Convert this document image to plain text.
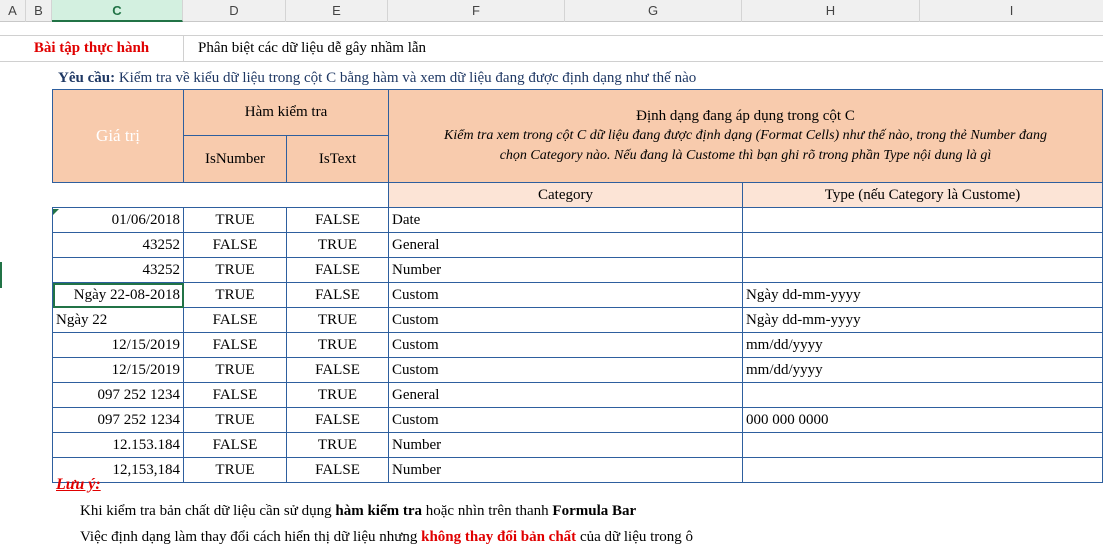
A	B	C	D	E	F	G	H	I
Bài tập thực hành	Phân biệt các dữ liệu dễ gây nhầm lẫn
Yêu cầu: Kiểm tra về kiểu dữ liệu trong cột C bằng hàm và xem dữ liệu đang được định dạng như thế nào
Giá trị	Hàm kiểm tra		Định dạng đang áp dụng trong cột C
Kiểm tra xem trong cột C dữ liệu đang được định dạng (Format Cells) như thế nào, trong thẻ Number đang
chọn Category nào. Nếu đang là Custome thì bạn ghi rõ trong phần Type nội dung là gì	

	IsNumber	IsText		
			Category	Type (nếu Category là Custome)
01/06/2018	TRUE	FALSE	Date	
43252	FALSE	TRUE	General	
43252	TRUE	FALSE	Number	
Ngày 22-08-2018	TRUE	FALSE	Custom	Ngày dd-mm-yyyy
Ngày 22	FALSE	TRUE	Custom	Ngày dd-mm-yyyy
12/15/2019	FALSE	TRUE	Custom	mm/dd/yyyy
12/15/2019	TRUE	FALSE	Custom	mm/dd/yyyy
097 252 1234	FALSE	TRUE	General	
097 252 1234	TRUE	FALSE	Custom	000 000 0000
12.153.184	FALSE	TRUE	Number	
12,153,184	TRUE	FALSE	Number	
Lưu ý:
Khi kiểm tra bản chất dữ liệu cần sử dụng hàm kiểm tra hoặc nhìn trên thanh Formula Bar
Việc định dạng làm thay đổi cách hiển thị dữ liệu nhưng không thay đổi bản chất của dữ liệu trong ô
